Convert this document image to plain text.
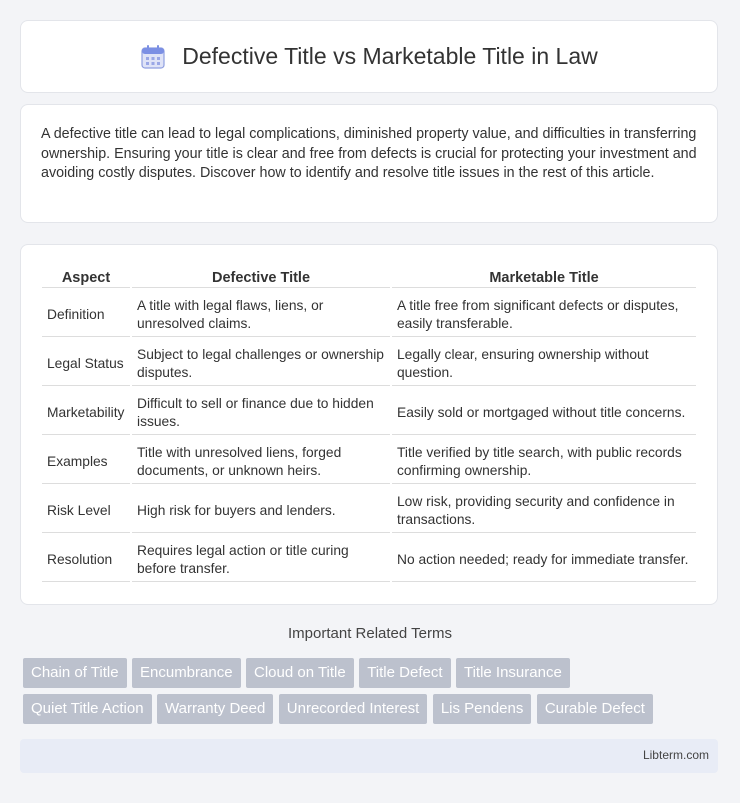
Defective Title vs Marketable Title in Law

A defective title can lead to legal complications, diminished property value, and difficulties in transferring ownership. Ensuring your title is clear and free from defects is crucial for protecting your investment and avoiding costly disputes. Discover how to identify and resolve title issues in the rest of this article.

Aspect	Defective Title	Marketable Title
Definition	A title with legal flaws, liens, or unresolved claims.	A title free from significant defects or disputes, easily transferable.
Legal Status	Subject to legal challenges or ownership disputes.	Legally clear, ensuring ownership without question.
Marketability	Difficult to sell or finance due to hidden issues.	Easily sold or mortgaged without title concerns.
Examples	Title with unresolved liens, forged documents, or unknown heirs.	Title verified by title search, with public records confirming ownership.
Risk Level	High risk for buyers and lenders.	Low risk, providing security and confidence in transactions.
Resolution	Requires legal action or title curing before transfer.	No action needed; ready for immediate transfer.
Important Related Terms
Chain of Title Encumbrance Cloud on Title Title Defect Title Insurance
Quiet Title Action Warranty Deed Unrecorded Interest Lis Pendens Curable Defect
Libterm.com
